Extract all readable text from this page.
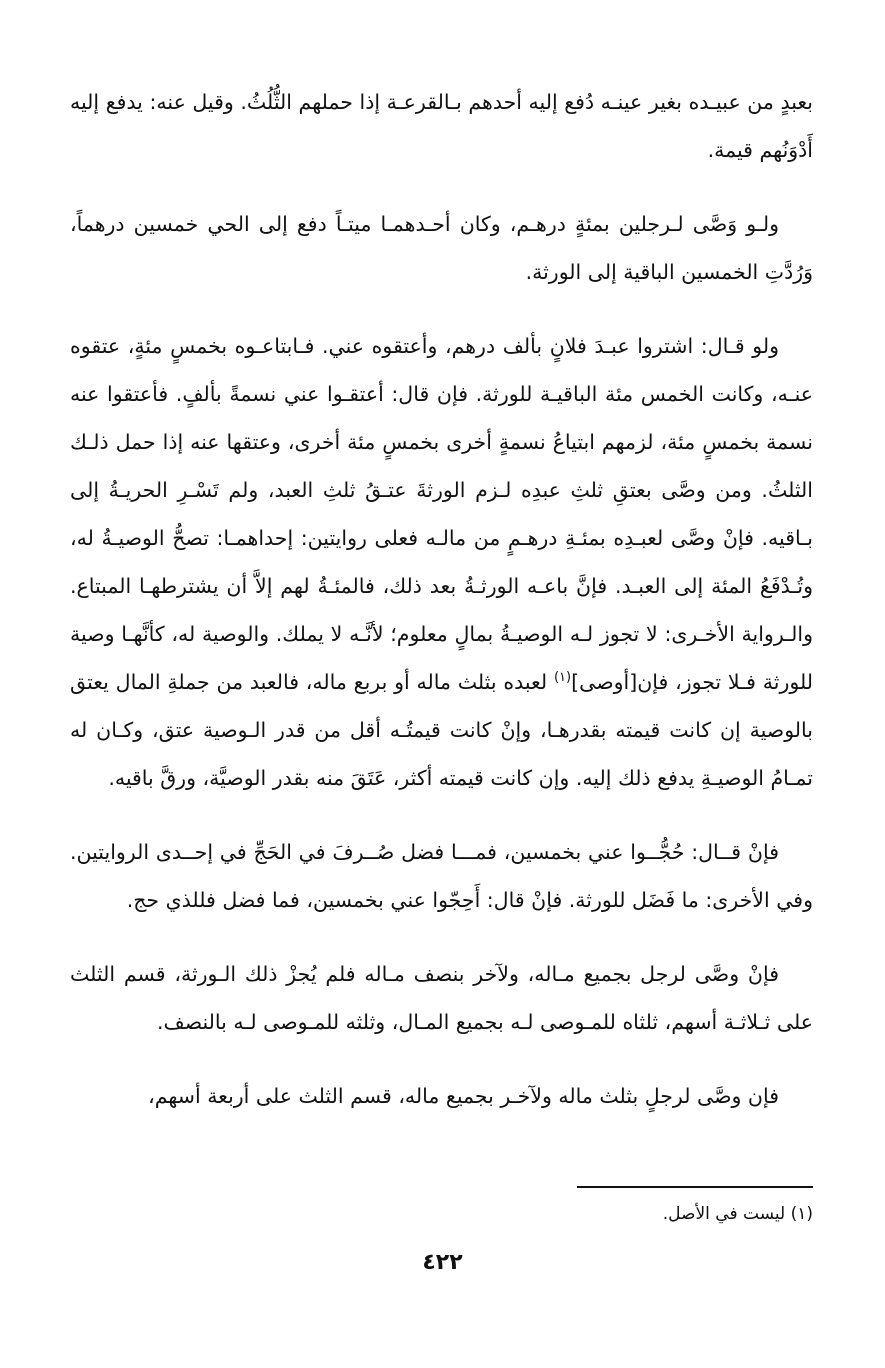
بعبدٍ من عبيـده بغير عينـه دُفع إليه أحدهم بـالقرعـة إذا حملهم الثُّلُثُ. وقيل عنه: يدفع إليه أَدْوَنُهم قيمة.

ولـو وَصَّى لـرجلين بمئةٍ درهـم، وكان أحـدهمـا ميتـاً دفع إلى الحي خمسين درهماً، وَرُدَّتِ الخمسين الباقية إلى الورثة.

ولو قـال: اشتروا عبـدَ فلانٍ بألف درهم، وأعتقوه عني. فـابتاعـوه بخمسٍ مئةٍ، عتقوه عنـه، وكانت الخمس مئة الباقيـة للورثة. فإن قال: أعتقـوا عني نسمةً بألفٍ. فأعتقوا عنه نسمة بخمسٍ مئة، لزمهم ابتياعُ نسمةٍ أخرى بخمسٍ مئة أخرى، وعتقها عنه إذا حمل ذلـك الثلثُ. ومن وصَّى بعتقِ ثلثِ عبدِه لـزم الورثةَ عتـقُ ثلثِ العبد، ولم تَسْـرِ الحريـةُ إلى بـاقيه. فإنْ وصَّى لعبـدِه بمئـةِ درهـمٍ من مالـه فعلى روايتين: إحداهمـا: تصحُّ الوصيـةُ له، وتُـدْفَعُ المئة إلى العبـد. فإنَّ باعـه الورثـةُ بعد ذلك، فالمئـةُ لهم إلاَّ أن يشترطهـا المبتاع. والـرواية الأخـرى: لا تجوز لـه الوصيـةُ بمالٍ معلوم؛ لأنَّـه لا يملك. والوصية له، كأنَّهـا وصية للورثة فـلا تجوز، فإن[أوصى]$^{(١)}$ لعبده بثلث ماله أو بربع ماله، فالعبد من جملةِ المال يعتق بالوصية إن كانت قيمته بقدرهـا، وإنْ كانت قيمتُـه أقل من قدر الـوصية عتق، وكـان له تمـامُ الوصيـةِ يدفع ذلك إليه. وإن كانت قيمته أكثر، عَتَقَ منه بقدر الوصيَّة، ورقَّ باقيه.

فإنْ قــال: حُجُّــوا عني بخمسين، فمـــا فضل صُــرفَ في الحَجِّ في إحــدى الروايتين. وفي الأخرى: ما فَضَل للورثة. فإنْ قال: أَحِجّوا عني بخمسين، فما فضل فللذي حج.

فإنْ وصَّى لرجل بجميع مـاله، ولآخر بنصف مـاله فلم يُجزْ ذلك الـورثة، قسم الثلث على ثـلاثـة أسهم، ثلثاه للمـوصى لـه بجميع المـال، وثلثه للمـوصى لـه بالنصف.

فإن وصَّى لرجلٍ بثلث ماله ولآخـر بجميع ماله، قسم الثلث على أربعة أسهم،

(١) ليست في الأصل.
٤٢٢
